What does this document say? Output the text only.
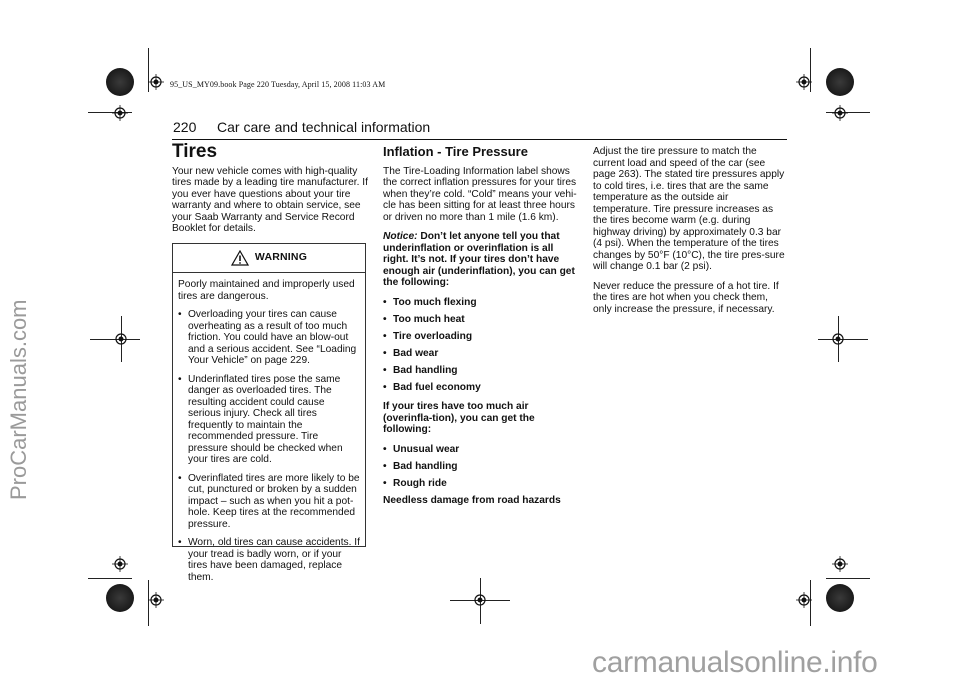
95_US_MY09.book Page 220 Tuesday, April 15, 2008 11:03 AM
ProCarManuals.com
carmanualsonline.info
220 Car care and technical information
Tires

Your new vehicle comes with high-quality tires made by a leading tire manufacturer. If you ever have questions about your tire warranty and where to obtain service, see your Saab Warranty and Service Record Booklet for details.

WARNING

Poorly maintained and improperly used tires are dangerous.

• Overloading your tires can cause overheating as a result of too much friction. You could have an blow-out and a serious accident. See “Loading Your Vehicle” on page 229.
• Underinflated tires pose the same danger as overloaded tires. The resulting accident could cause serious injury. Check all tires frequently to maintain the recommended pressure. Tire pressure should be checked when your tires are cold.
• Overinflated tires are more likely to be cut, punctured or broken by a sudden impact – such as when you hit a pot-hole. Keep tires at the recommended pressure.
• Worn, old tires can cause accidents. If your tread is badly worn, or if your tires have been damaged, replace them.
Inflation - Tire Pressure

The Tire-Loading Information label shows the correct inflation pressures for your tires when they’re cold. “Cold” means your vehi-cle has been sitting for at least three hours or driven no more than 1 mile (1.6 km).

Notice: Don’t let anyone tell you that underinflation or overinflation is all right. It’s not. If your tires don’t have enough air (underinflation), you can get the following:

• Too much flexing
• Too much heat
• Tire overloading
• Bad wear
• Bad handling
• Bad fuel economy

If your tires have too much air (overinfla-tion), you can get the following:

• Unusual wear
• Bad handling
• Rough ride

Needless damage from road hazards

Adjust the tire pressure to match the current load and speed of the car (see page 263). The stated tire pressures apply to cold tires, i.e. tires that are the same temperature as the outside air temperature. Tire pressure increases as the tires become warm (e.g. during highway driving) by approximately 0.3 bar (4 psi). When the temperature of the tires changes by 50°F (10°C), the tire pres-sure will change 0.1 bar (2 psi).

Never reduce the pressure of a hot tire. If the tires are hot when you check them, only increase the pressure, if necessary.
